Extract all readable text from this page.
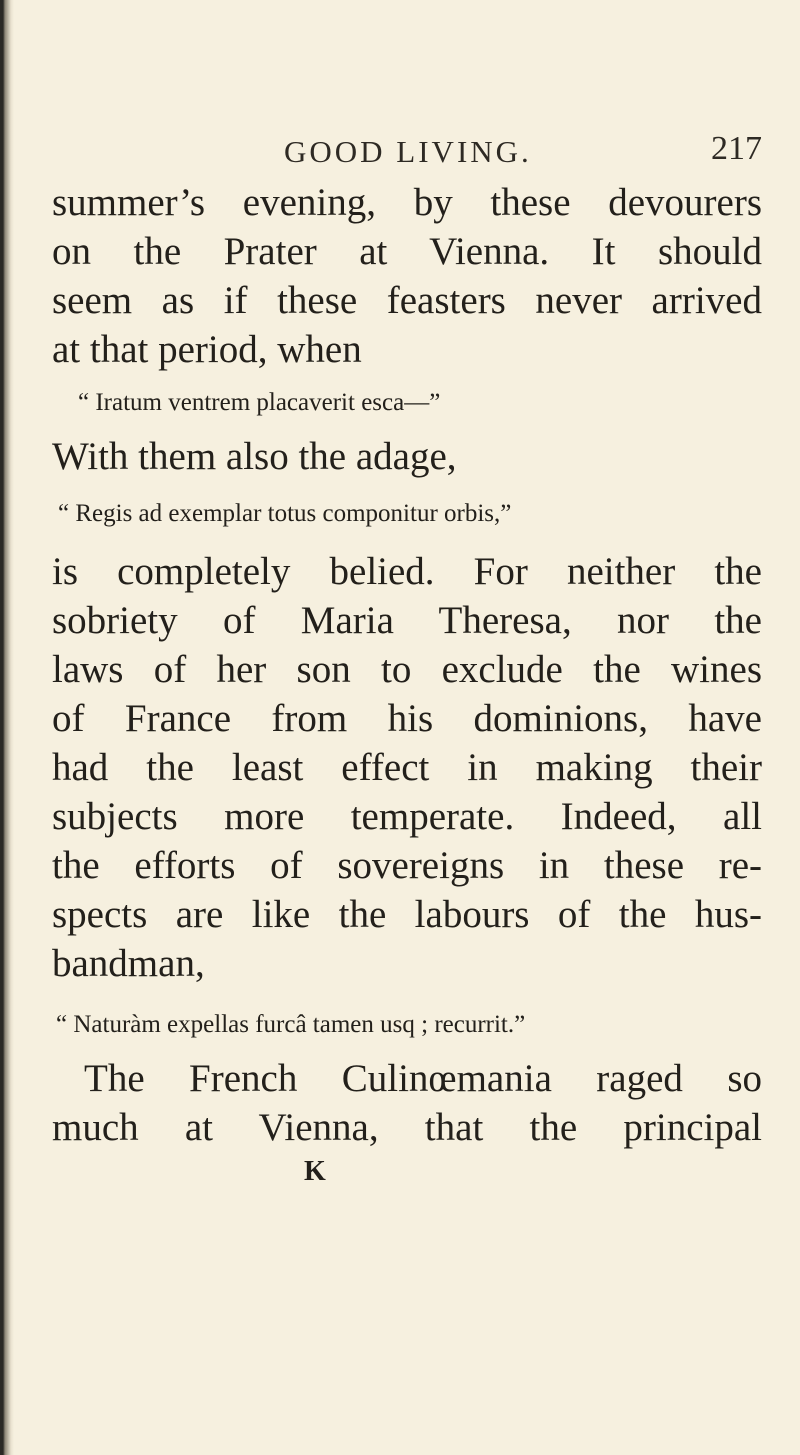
GOOD LIVING.	217
summer’s evening, by these devourers
on the Prater at Vienna. It should
seem as if these feasters never arrived
at that period, when
“ Iratum ventrem placaverit esca—”
With them also the adage,
“ Regis ad exemplar totus componitur orbis,”
is completely belied. For neither the
sobriety of Maria Theresa, nor the
laws of her son to exclude the wines
of France from his dominions, have
had the least effect in making their
subjects more temperate. Indeed, all
the efforts of sovereigns in these re-
spects are like the labours of the hus-
bandman,
“ Naturàm expellas furcâ tamen usq ; recurrit.”
The French Culinœmania raged so
much at Vienna, that the principal
K
